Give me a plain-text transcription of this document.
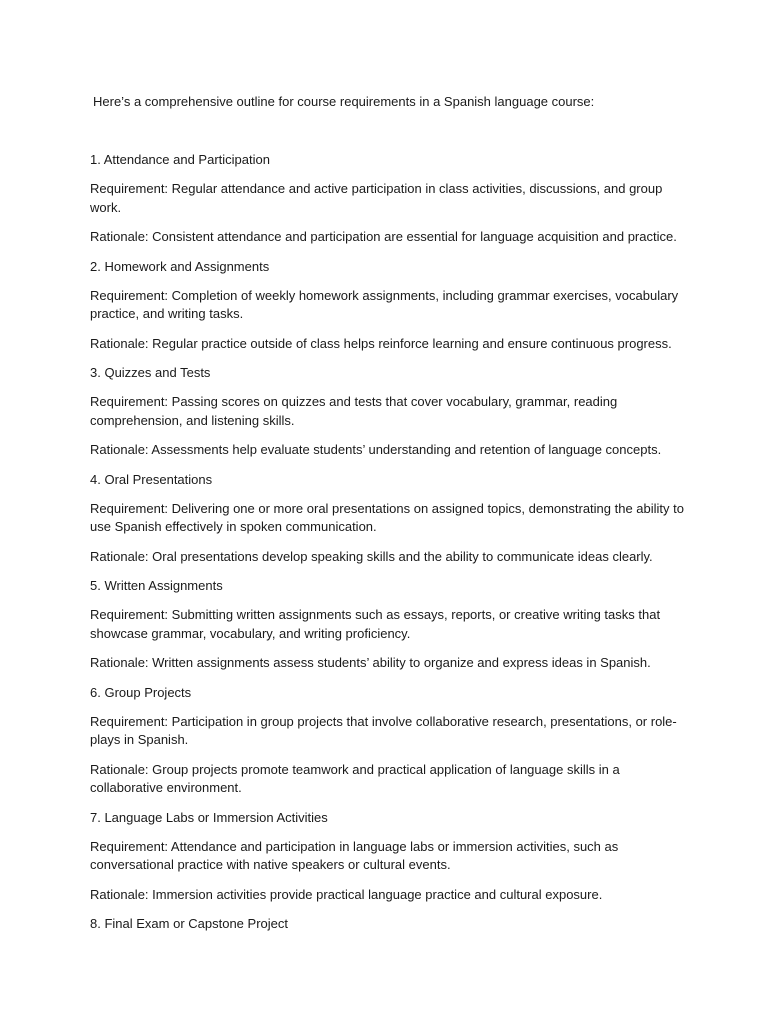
Here’s a comprehensive outline for course requirements in a Spanish language course:

1. Attendance and Participation

Requirement: Regular attendance and active participation in class activities, discussions, and group work.

Rationale: Consistent attendance and participation are essential for language acquisition and practice.

2. Homework and Assignments

Requirement: Completion of weekly homework assignments, including grammar exercises, vocabulary practice, and writing tasks.

Rationale: Regular practice outside of class helps reinforce learning and ensure continuous progress.

3. Quizzes and Tests

Requirement: Passing scores on quizzes and tests that cover vocabulary, grammar, reading comprehension, and listening skills.

Rationale: Assessments help evaluate students’ understanding and retention of language concepts.

4. Oral Presentations

Requirement: Delivering one or more oral presentations on assigned topics, demonstrating the ability to use Spanish effectively in spoken communication.

Rationale: Oral presentations develop speaking skills and the ability to communicate ideas clearly.

5. Written Assignments

Requirement: Submitting written assignments such as essays, reports, or creative writing tasks that showcase grammar, vocabulary, and writing proficiency.

Rationale: Written assignments assess students’ ability to organize and express ideas in Spanish.

6. Group Projects

Requirement: Participation in group projects that involve collaborative research, presentations, or role-plays in Spanish.

Rationale: Group projects promote teamwork and practical application of language skills in a collaborative environment.

7. Language Labs or Immersion Activities

Requirement: Attendance and participation in language labs or immersion activities, such as conversational practice with native speakers or cultural events.

Rationale: Immersion activities provide practical language practice and cultural exposure.

8. Final Exam or Capstone Project
